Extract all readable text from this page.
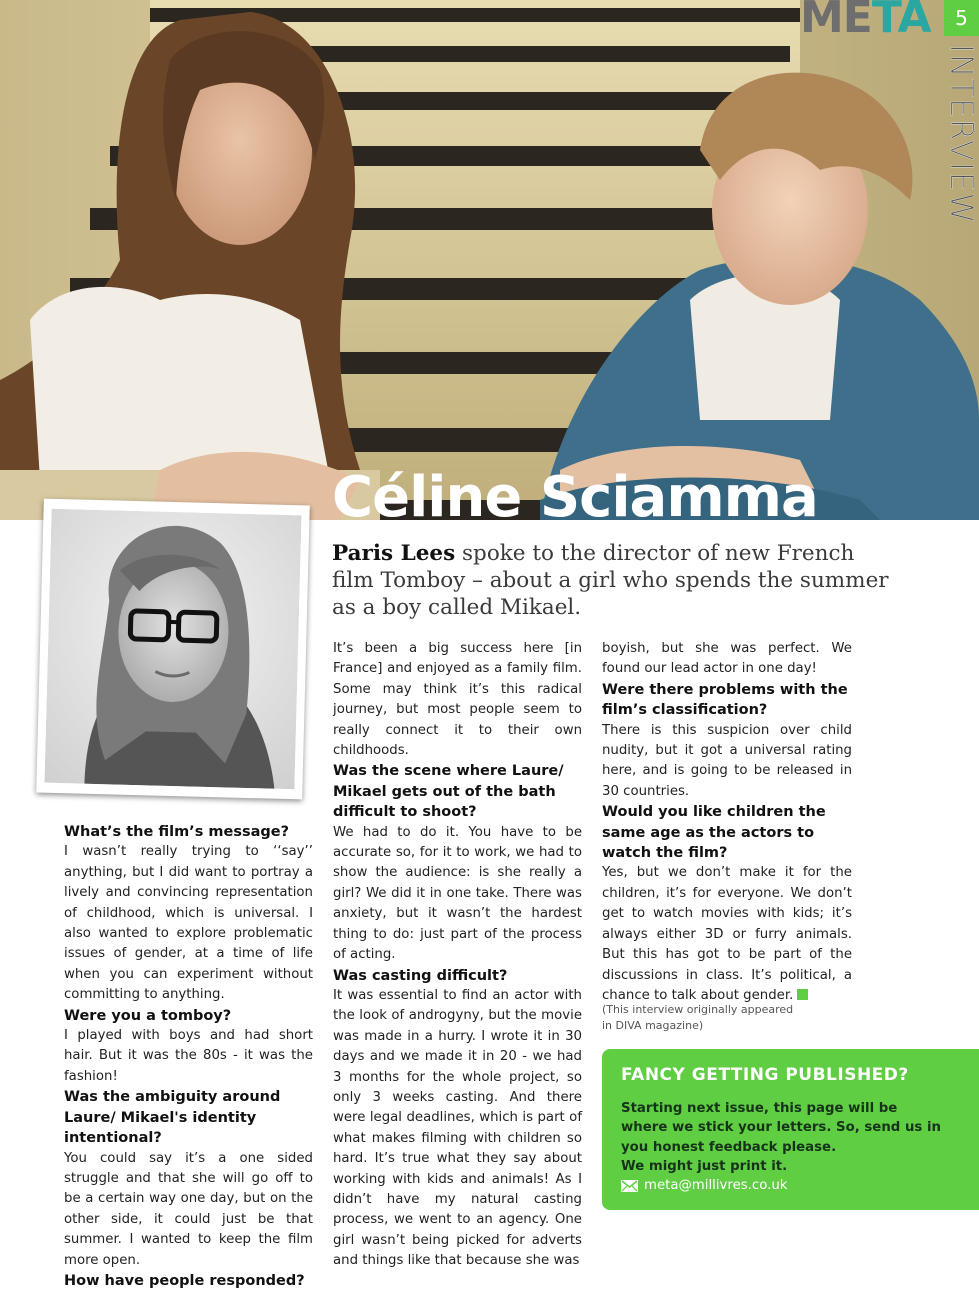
META	5
INTERVIEW
Céline Sciamma

Paris Lees spoke to the director of new French film Tomboy – about a girl who spends the summer as a boy called Mikael.

What’s the film’s message?

I wasn’t really trying to ‘‘say’’ anything, but I did want to portray a lively and convincing representation of childhood, which is universal. I also wanted to explore problematic issues of gender, at a time of life when you can experiment without committing to anything.

Were you a tomboy?

I played with boys and had short hair. But it was the 80s - it was the fashion!

Was the ambiguity around Laure/ Mikael's identity intentional?

You could say it’s a one sided struggle and that she will go off to be a certain way one day, but on the other side, it could just be that summer. I wanted to keep the film more open.

How have people responded?

It’s been a big success here [in France] and enjoyed as a family film. Some may think it’s this radical journey, but most people seem to really connect it to their own childhoods.

Was the scene where Laure/ Mikael gets out of the bath difficult to shoot?

We had to do it. You have to be accurate so, for it to work, we had to show the audience: is she really a girl? We did it in one take. There was anxiety, but it wasn’t the hardest thing to do: just part of the process of acting.

Was casting difficult?

It was essential to find an actor with the look of androgyny, but the movie was made in a hurry. I wrote it in 30 days and we made it in 20 - we had 3 months for the whole project, so only 3 weeks casting. And there were legal deadlines, which is part of what makes filming with children so hard. It’s true what they say about working with kids and animals! As I didn’t have my natural casting process, we went to an agency. One girl wasn’t being picked for adverts and things like that because she was

boyish, but she was perfect. We found our lead actor in one day!

Were there problems with the film’s classification?

There is this suspicion over child nudity, but it got a universal rating here, and is going to be released in 30 countries.

Would you like children the same age as the actors to watch the film?

Yes, but we don’t make it for the children, it’s for everyone. We don’t get to watch movies with kids; it’s always either 3D or furry animals. But this has got to be part of the discussions in class. It’s political, a chance to talk about gender.

(This interview originally appeared in DIVA magazine)

FANCY GETTING PUBLISHED?

Starting next issue, this page will be where we stick your letters. So, send us in you honest feedback please.
We might just print it.

meta@millivres.co.uk
